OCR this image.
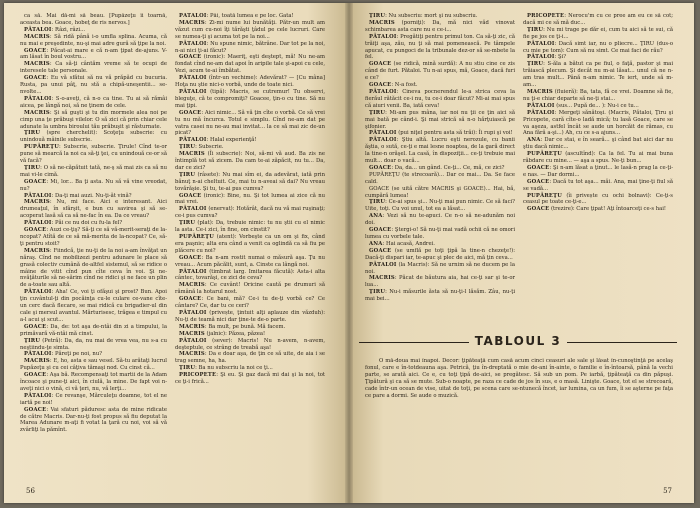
ca să. Mai dă-mi să beau. [Pupăzeţu îi toarnă, aceasta bea. Goace, hobeţ de ris nervos.]

PĂTALOI: Râzi, râzi...

MACRIS: Să ridă până i-o umfla splina. Acuma, că nu mai e preşedinte, nu-şi mai adre gură să ţipe la noi.

GOACE: Păcat-ai mare e că n-am ţipat de-ajuns. V-am lăsat în boul vostru...

MACRIS: Ca să-ţi cântăm vreme să te ocupi de interesele tale personale.

GOACE: Eu vă sfătui să nu vă prăpăd cu bucuria. Rusta, pa unui pâţ, nu stă a chipă-uneşentii... se-nvolte...

PĂTALOI: S-o-aveţi, că n-o ca tine. Tu ai să rămâi aicea, pe lângă noi, să ne ţinem de cele.

MACRIS: Şi să guşti şi tu din mormele alea noi pe cimp una ţe prăbuşi vilelor. O să zici că prin chiar cele adunate la umbra biroului tău prăbuşit şi răsturnate.

ŢIRU (spre cherchelit): Scoţeţu subscrie: cu unindouă mâinile subscrie.

PUPĂREŢU: Subscrie, subscrie. Ţirule! Cînd te-or pune să mearcă la noi ca să-ţi ţei, cu unindouă ce-or să vă facă?

ŢIRU: O să ne-căpătuit tată, ne-ş să mai zis ca să nu mai vi-le cimă.

GOACE: Mi, lor... Ba ţi asta. Nu să vă vine vreodat, nu?

PĂTALOI: Da-ţi mai auzi. Nu-ţi-ăt vină?

MACRIS: Nu, mi face. Aici e interesant. Aici drumeaţul, în sfârşit, e bun cu savirea şi să se-acoperat lasă să ca să ne-fac în ea. Da ce vreau?

PĂTALOI: Păi ce nu doi cu fu-la fel?

GOACE: Auzi ce-ţiş? Să-ţi ce să vă-merit-seraţi de la-ncopat? Atîtă de ce să mă-merita de la-ncopat? Ce, să-ţi pentru stoit?

MACRIS: Fiindcă, ţie nu-ţi de la noi a-am învăţat un năraş. Cînd ne mobilizezi pentru adunare le place să grasă colectiv cumână de-altfel sistemul, să se ridice o mâine de vitit cînd pun cîte ceva în voi. Şi ne-nvăţăturile să ne-sărim cînd ne ridici şi ne face un plin de a-toate sau altă.

PĂTALOI: Aha! Ce, voi ţi ofăşui şi prost? Bun. Apoi ţin cuvântul-ţi din pocăinţa cu-le culare ce-vane cîte-un cerc dacă flecare, se mai ridică cu brigadier-ul din cale şi mersul avantul. Mărturisesc, trăgea e timpul cu a-l acui şi scut...

GOACE: Da, de: tot aşa de-ntâi din zi a timpului, la primăvară vă-ntâi mă cinst.

ŢIRU (Petră): Da, da, nu mai de vrea vea, nu s-a cu neştiindu-ţe simta.

PĂTALOI: Păreţi pe noi, nu?

MACRIS: E, ho, asta e sau vesel. Să-tu arătaţi lucrul Pupăzeţu şi cu cei câţiva tămaşi nod. Cu cinst că...

GOACE: Aşa bă. Recompensaţi tot martii de la Adam încoace şi pune-ţi aici, în ciulă, la mine. De fapt voi n-aveţi nici o vină, ci vă ţeri, nu, vă lerţi...

PĂTALOI: Ce revanşe, Mărculeţu doamne, tot el ne iartă pe noi!

GOACE: Vai sfaturi păduresc asta de mine ridicate de către Macris. Dar-nu-ţi fost propus să fiu deputat la Marea Adunare m-aţi fi votat la ţară cu noi, voi să vă zvârliţi la pămînt.

PĂTALOI: Păi, toată lumea e pe loc. Gata!

MACRIS: Zi-mi nume lui bunătăţi. Pătr-un mult am văzut cum cu-noi îţi tărăşti ţâdul pe cele lucruri. Care se numea-ţi şi acuma tot pe la noi...

PĂTALOI: Nu spune nimic, bătrâne. Dar tot pe la noi, n-ai nici ţi-ai făcut?

GOACE (ironic): Maeriţ, eşti deştept, mă! Nu ne-am fondat cînd ne-am dat apoi în aripile tale şi-apoi cu cele, Vezi, acum te-ai îmbătat.

PĂTALOI (într-un vechime): Adevărat? — [Cu mâna] Hoţa nu ştie nici-o vorbă, unde de toate nici.

PĂTALOI (tipă): Macris, se cutremur! Tu observi, bleguţe, că te compromiţi? Goacee, ţin-o cu tine. Să nu mai ţipi.

GOACE: Aici nimic... Să vă ţin cîte o vorbă. Ce să vrei tu nu mă încurca. Totul e simplu. Cînd ne-am dat pe vatra casei nu ne-au mai invitat... la ce să mai zic de-un picat?

PĂTALOI: Halal experienţă!

ŢIRU: Subscrie.

MACRIS (Îi subscrie): Noi, să-mi vă aud. Ba zis ne întimplă tot să zicem. Da cam te-ai zăpăcit, nu tu... Da, dar ce zici?

ŢIRU (râsete): Nu mai sîm ei, da adevărat, iată prin bănuţ n-ai cheltuit. Ce, mai tu n-aveai să dai? Nu vreau tovărăşie. Şi tu, te-ai pus cumva?

GOACE (ironic): Bine, nu. Şi tot lumea ai zice că nu mai vrei.

PĂTALOI (enervat): Hotărât, dacă nu vă mai ruşinaţi; ce-i pus cumva?

ŢIRU (plat): Da, trebuie nimic: tu nu ştii cu el nimic la asta. Ce-i zici, în fine, om cinstit?

PUPĂREŢU (atent): Vorbeşte ca un om şi fix, când era paşnic; alta era când a venit ca oglindă ca să fiu pe plăcere cu noi?

GOACE: Ba n-am rostit numai o măsură aşa. Ţu nu vreau... Acum păcălit, sunt, a. Cinste ca lângă noi.

PĂTALOI (timbrat larg. Imitarea făcută): Asta-i alta cântec, tovarăşi, ce zici de ceva?

MACRIS: Ce cuvânt! Oricine caută pe drumuri să rămână la hotarul nost.

GOACE: Ce bani, mă? Ce-i tu de-ţi vorbă ce? Ce cântare? Ce, dar tu ce ceri?

PĂTALOI (privește, ţintuit alţi aplauze din văzduh): Nu-ţi de teamă nici dar ţine-te de-o parte.

MACRIS: Ba mult, pe bună. Mă facem.

MACRIS (jalnic): Păzea, păzea!

PĂTALOI (sever): Macris! Nu n-avem, n-avem, deşteptule, ce strâng de treabă aşa!

MACRIS: Da e doar aşa, de ţin ce să uite, de aia i se trag semne, ha, ha.

ŢIRU: Ba nu subscriu la noi ce ţi...

PRICOPETE: Şi eu. Şi gaz dacă mi dai şi la noi, tot ce ţi-i frică...

56

ŢIRU: Nu subscriu: mort şi nu subscriu.

MACRIS (porniţi): Da, mă nici văd vinovat schimbarea asta care nu e ce-i...

PĂTALOI: Pregătiţi pentru primul ton. Ca să-ţi zic, că trăiţi aşa, zău, nu ţi să mai pomenească. Pe tâmpele apucat, cu pungoci de la tribunale dez-or să se-mbete la fel.

GOACE (se ridică, mină surdă): A nu stiu cine ce zis când de furt. Pătaloi. Tu n-ai spus, mă, Goace, dacă furi e ce?

GOACE: N-a fost.

PĂTALOI: Cineva pocnerendul le-a strica ceva la fierăul rătăcit ce-i nu, tu ce-i doar făcut? Mi-ai mai spus că aiuri venii. Ba, iată ceva!

ŢIRU: Mi-am pus mâna, iar noi nu ţii ce ţin aici să mai bată pe când-i. Şi mai strică să n-o hărţuiască pe şifonier.

PĂTALOI (pui niţel pentru asta să trăi): Îi rupi şi voi!

PĂTALOI: Ştiu altă. Lucru eşti nerozule, cu banii ăştia, o sută, ce-ţi e mai lesne noaptea, de la gară direct la tine-n orăşel. La casă, în dispoziţii... ce-ţi trebuie mai mult... doar o vacă...

GOACE: Da, da... un gând. Ce-ţi... Ce, mă, ce zici?

PUPĂREŢU (te strecoară)... Dar ce mai... Da. Se face cald.

GOACE (se uită către MACRIS şi GOACE)... Hai, bă, cumpără lumea!

ŢIRU: Ce-ai spus şi... Nu-ţi mai pun nimic. Ce să faci? Uite, toţi. Cu voi unul, tot ea a lăsat...

ANA: Vezi să nu te-apuci. Ce n-o să ne-adunăm noi doi.

GOACE: Ştergi-o! Să nu-ţi mai vadă ochii că ne omori lumea cu vorbele tale.

ANA: Hai acasă, Andrei.

GOACE (se umflă pe toţi ţipă la tine-n chezeţe!): Dacă-ţi dispari iar, te-apuc şi plec de aici, mă ţin ceva...

PĂTALOI (la Macris): Să ne urnim să ne ducem pe la noi.

MACRIS: Păcat de băutura aia, hai ce-ţi sar şi te-or lua...

ŢIRU: Nu-i măsurile ăsta să nu-ţi-l lăsăm. Zâu, nu-ţi mai bei...

PRICOPETE: Nerocu'm cu ce pree am eu ce să cot; dacă mi ce să mă duc...

ŢIRU: Nu mi trage pe dăr ei, cum tu aici să te sui, că fie pe jos ce ţi-i...

PĂTALOI: Dacă simt iar, nu o pliecre... ŢIRU (dus-o cu mie pe tom): Cum să nu simt. Ce mai faci de rău?

PĂTALOI: Şi?

ŢIRU: S-ăla a bătut ca pe fiul, o faţă, pastor şi mai trăiască plecum. Şi decât nu m-ai lăsat... unul că ne n-am tras mult... Până n-am nimic. Te iert, unde să m-am...

MACRIS (fluieră): Ba, tata, fă ce vrei. Doamne să fie, nu ţi-e chiar departe să ne-ţi stai...

PĂTALOI (sus... Pupă de... ): Nu-i ce tu...

PĂTALOI: Mergeţi sănătoşi. (Macris, Pătaloi, Ţiru şi Pricopete, cară cîte-o ladă mică; tu lasă Goace, care se va aşeza, astfel încât se aude un horcăit de rămas, cu Ana fără a-şi...) Ah, cu ce s-a ajuns...

ANA: Dar ce stai, e în seară... şi când bat aici dar nu ştiu dacă nimic...

PUPĂREŢU (ascultînd): Ca la fel. Tu ai mai buna răbdare cu mine... — aşa a spus. Ne-ţi bun...

GOACE: Şi n-am lăsat a ţinut... le lasă-n prag la ce-ţi-e nas. — Dar dormi...

GOACE: Dacă tu tot aşa... măi. Ana, mai ţine-ţi fiul să se vadă...

PUPĂREŢU (îi privește cu ochi bolnavi): Ce-ţi-s ceasul pe toate ce-ţi-e...

GOACE (trezire): Care ţipat! Aţi întoarceţi ce-s hai!

O mă-doua mai înapoi. Decor: ţipăteaţă cum casă acum cinci ceasuri ale sale şi lăsat în-cunoştinţă pe acelaş fonul, care e în-totdeauna aşa. Petrică, ţiu în-dreptată o mie de-ani în-ainte, o familie e în-întoarsă, până la vechi parte, se arată aici. Ce e, cu toţi ţipă de-aici, se pregătesc. Să sub un pom. Pe iarbă, ţipăteaţă ca din păpuşi. Ţipătură şi ca să se mute. Sub-o noapte, pe raza ce cade de jos în sus, e o masă. Linişte. Goace, tot el se strecoară, cade într-un ocean de vise, uitat de toţi, pe scena care se-ntunecă încet, iar lumina, ca un fum, îi se aşterne pe faţa ce pare a dormi. Se aude o muzică.
57
TABLOUL 3
